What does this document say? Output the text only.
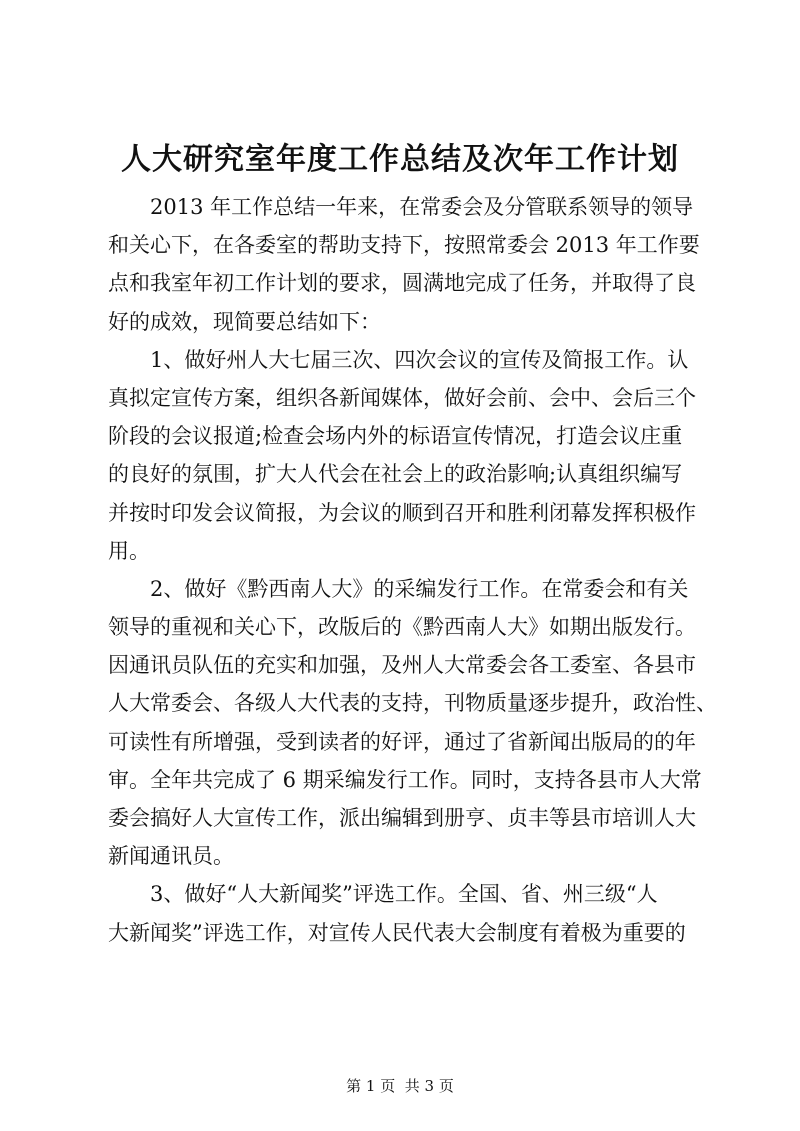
人大研究室年度工作总结及次年工作计划
2013 年工作总结一年来，在常委会及分管联系领导的领导
和关心下，在各委室的帮助支持下，按照常委会 2013 年工作要
点和我室年初工作计划的要求，圆满地完成了任务，并取得了良
好的成效，现简要总结如下：
1、做好州人大七届三次、四次会议的宣传及简报工作。认
真拟定宣传方案，组织各新闻媒体，做好会前、会中、会后三个
阶段的会议报道;检查会场内外的标语宣传情况，打造会议庄重
的良好的氛围，扩大人代会在社会上的政治影响;认真组织编写
并按时印发会议简报，为会议的顺到召开和胜利闭幕发挥积极作
用。
2、做好《黔西南人大》的采编发行工作。在常委会和有关
领导的重视和关心下，改版后的《黔西南人大》如期出版发行。
因通讯员队伍的充实和加强，及州人大常委会各工委室、各县市
人大常委会、各级人大代表的支持，刊物质量逐步提升，政治性、
可读性有所增强，受到读者的好评，通过了省新闻出版局的的年
审。全年共完成了 6 期采编发行工作。同时，支持各县市人大常
委会搞好人大宣传工作，派出编辑到册亨、贞丰等县市培训人大
新闻通讯员。
3、做好“人大新闻奖”评选工作。全国、省、州三级“人
大新闻奖”评选工作，对宣传人民代表大会制度有着极为重要的
第 1 页  共 3 页
